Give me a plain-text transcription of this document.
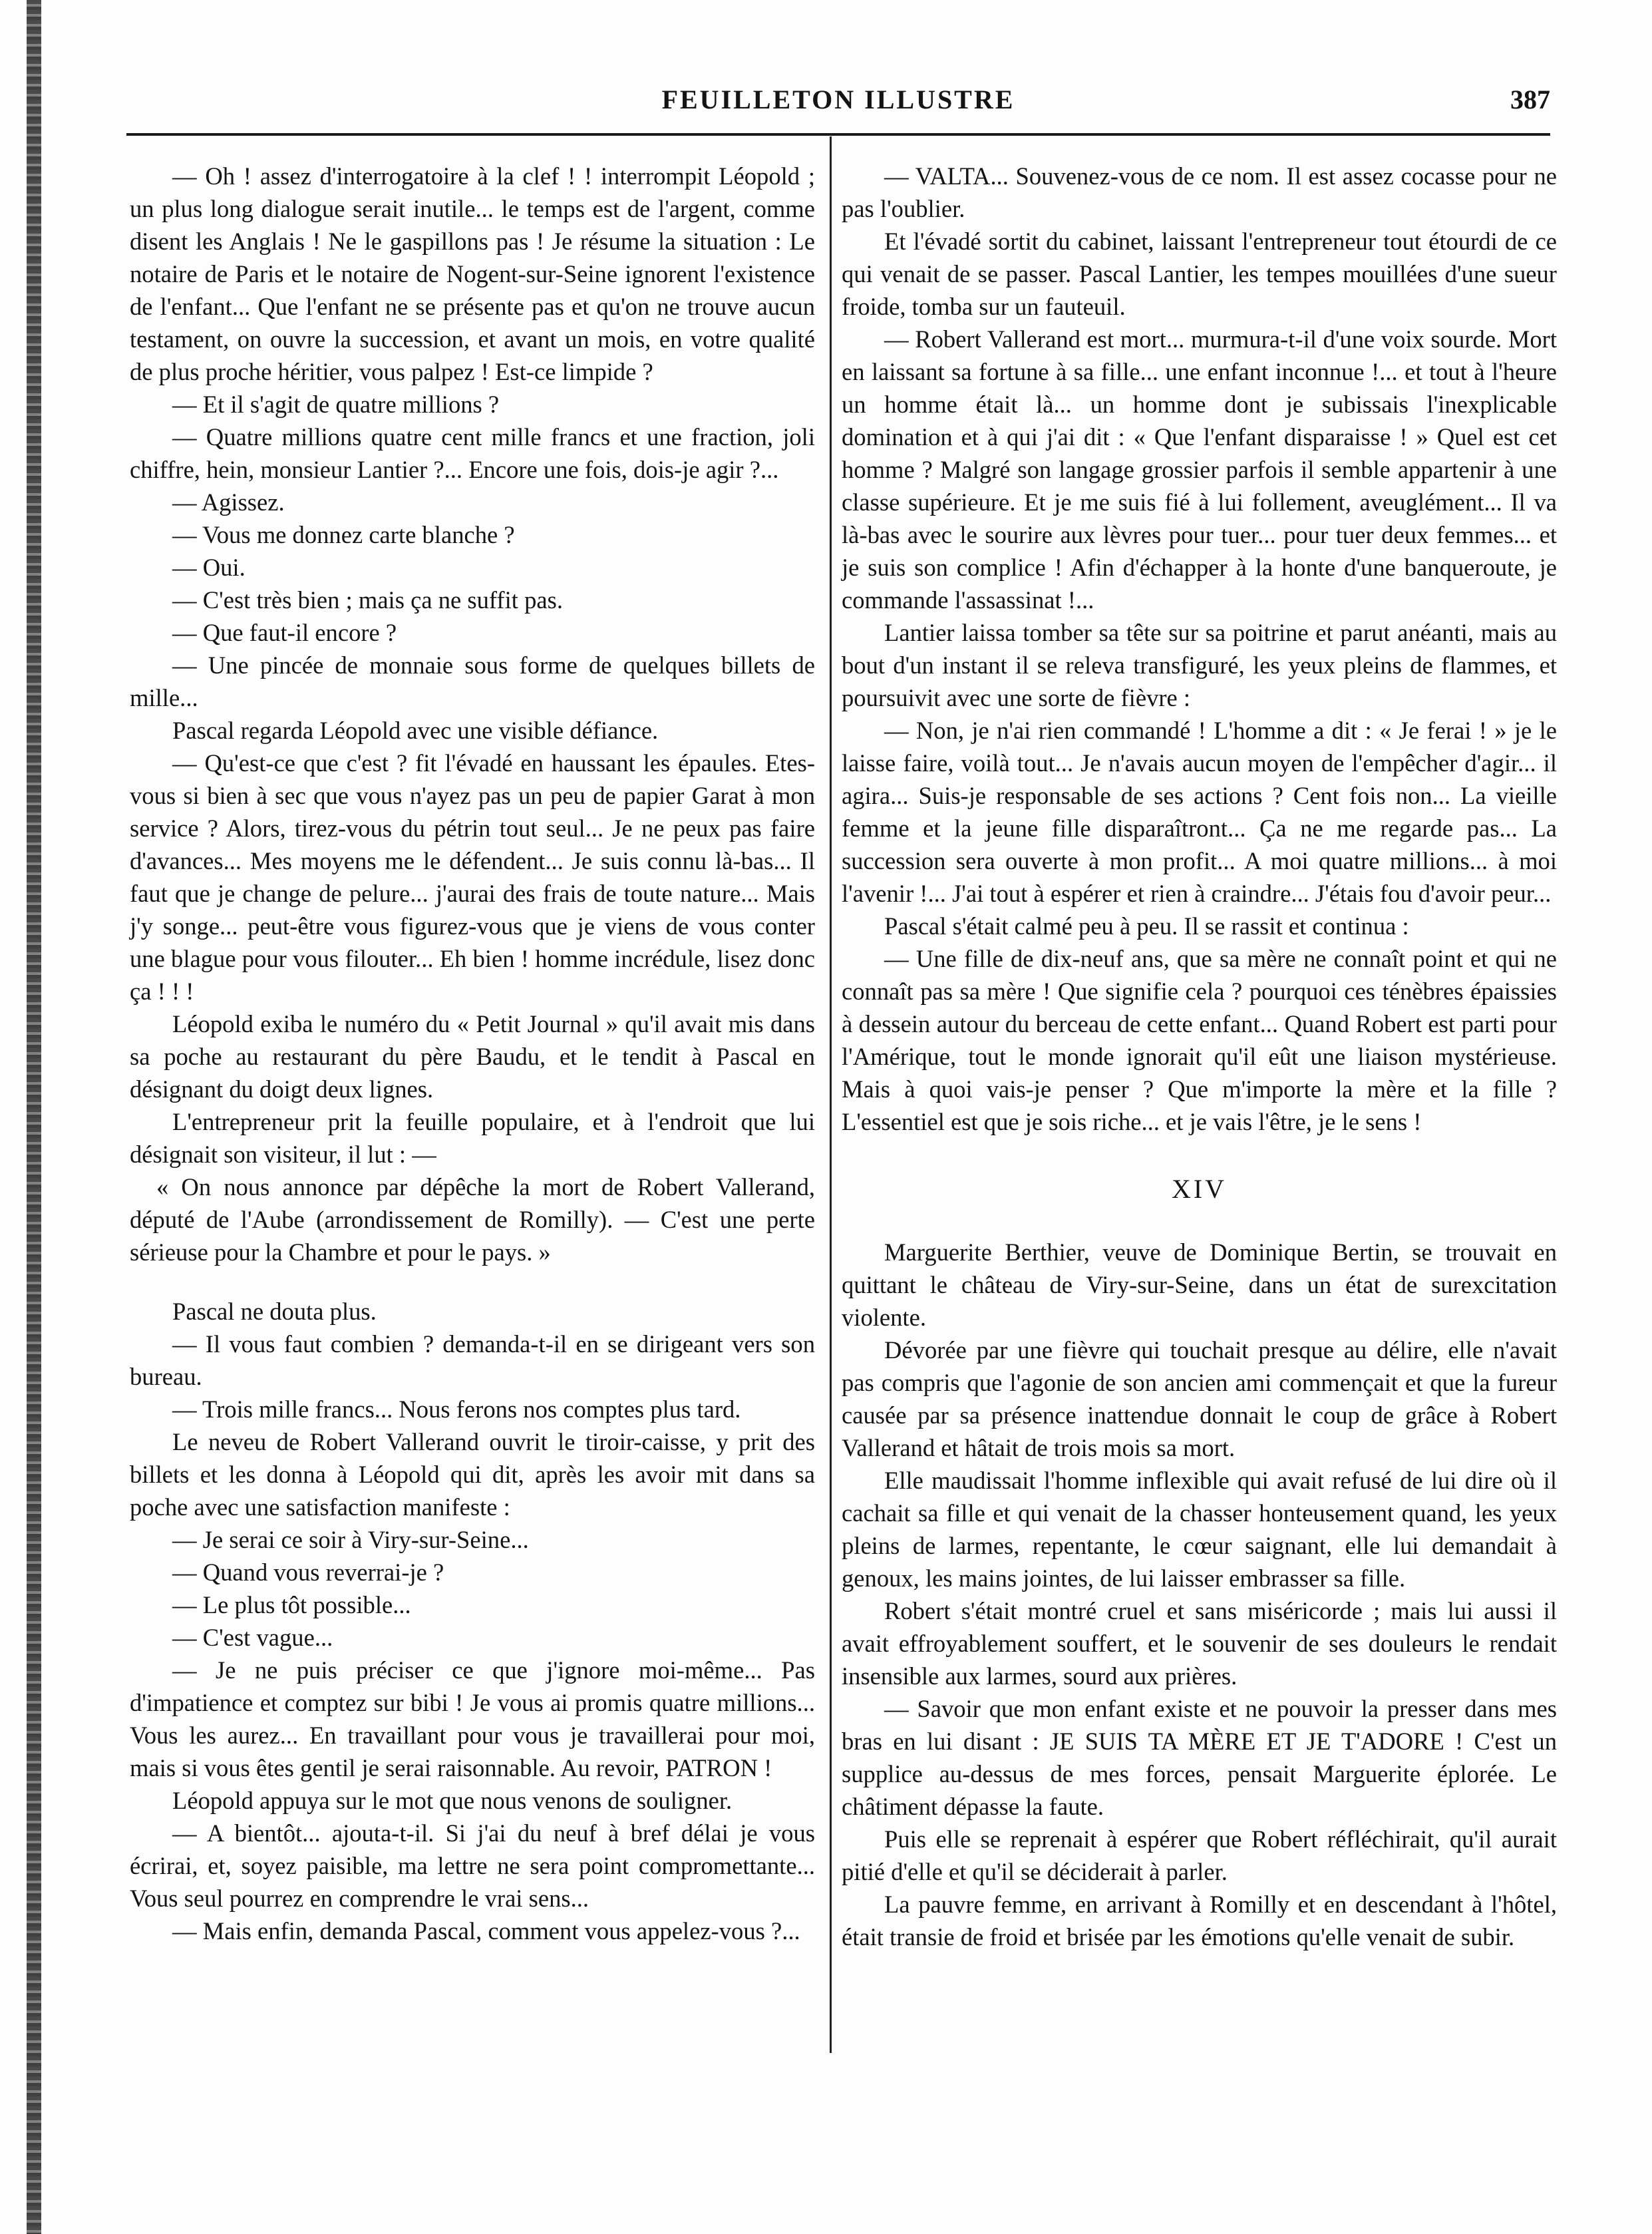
FEUILLETON ILLUSTRE	387

— Oh ! assez d'interrogatoire à la clef ! ! interrompit Léopold ; un plus long dialogue serait inutile... le temps est de l'argent, comme disent les Anglais ! Ne le gaspillons pas ! Je résume la situation : Le notaire de Paris et le notaire de Nogent-sur-Seine ignorent l'existence de l'enfant... Que l'enfant ne se présente pas et qu'on ne trouve aucun testament, on ouvre la succession, et avant un mois, en votre qualité de plus proche héritier, vous palpez ! Est-ce limpide ?

— Et il s'agit de quatre millions ?

— Quatre millions quatre cent mille francs et une fraction, joli chiffre, hein, monsieur Lantier ?... Encore une fois, dois-je agir ?...

— Agissez.

— Vous me donnez carte blanche ?

— Oui.

— C'est très bien ; mais ça ne suffit pas.

— Que faut-il encore ?

— Une pincée de monnaie sous forme de quelques billets de mille...

Pascal regarda Léopold avec une visible défiance.

— Qu'est-ce que c'est ? fit l'évadé en haussant les épaules. Etes-vous si bien à sec que vous n'ayez pas un peu de papier Garat à mon service ? Alors, tirez-vous du pétrin tout seul... Je ne peux pas faire d'avances... Mes moyens me le défendent... Je suis connu là-bas... Il faut que je change de pelure... j'aurai des frais de toute nature... Mais j'y songe... peut-être vous figurez-vous que je viens de vous conter une blague pour vous filouter... Eh bien ! homme incrédule, lisez donc ça ! ! !

Léopold exiba le numéro du « Petit Journal » qu'il avait mis dans sa poche au restaurant du père Baudu, et le tendit à Pascal en désignant du doigt deux lignes.

L'entrepreneur prit la feuille populaire, et à l'endroit que lui désignait son visiteur, il lut : —

« On nous annonce par dépêche la mort de Robert Vallerand, député de l'Aube (arrondissement de Romilly). — C'est une perte sérieuse pour la Chambre et pour le pays. »

Pascal ne douta plus.

— Il vous faut combien ? demanda-t-il en se dirigeant vers son bureau.

— Trois mille francs... Nous ferons nos comptes plus tard.

Le neveu de Robert Vallerand ouvrit le tiroir-caisse, y prit des billets et les donna à Léopold qui dit, après les avoir mit dans sa poche avec une satisfaction manifeste :

— Je serai ce soir à Viry-sur-Seine...

— Quand vous reverrai-je ?

— Le plus tôt possible...

— C'est vague...

— Je ne puis préciser ce que j'ignore moi-même... Pas d'impatience et comptez sur bibi ! Je vous ai promis quatre millions... Vous les aurez... En travaillant pour vous je travaillerai pour moi, mais si vous êtes gentil je serai raisonnable. Au revoir, PATRON !

Léopold appuya sur le mot que nous venons de souligner.

— A bientôt... ajouta-t-il. Si j'ai du neuf à bref délai je vous écrirai, et, soyez paisible, ma lettre ne sera point compromettante... Vous seul pourrez en comprendre le vrai sens...

— Mais enfin, demanda Pascal, comment vous appelez-vous ?...

— VALTA... Souvenez-vous de ce nom. Il est assez cocasse pour ne pas l'oublier.

Et l'évadé sortit du cabinet, laissant l'entrepreneur tout étourdi de ce qui venait de se passer. Pascal Lantier, les tempes mouillées d'une sueur froide, tomba sur un fauteuil.

— Robert Vallerand est mort... murmura-t-il d'une voix sourde. Mort en laissant sa fortune à sa fille... une enfant inconnue !... et tout à l'heure un homme était là... un homme dont je subissais l'inexplicable domination et à qui j'ai dit : « Que l'enfant disparaisse ! » Quel est cet homme ? Malgré son langage grossier parfois il semble appartenir à une classe supérieure. Et je me suis fié à lui follement, aveuglément... Il va là-bas avec le sourire aux lèvres pour tuer... pour tuer deux femmes... et je suis son complice ! Afin d'échapper à la honte d'une banqueroute, je commande l'assassinat !...

Lantier laissa tomber sa tête sur sa poitrine et parut anéanti, mais au bout d'un instant il se releva transfiguré, les yeux pleins de flammes, et poursuivit avec une sorte de fièvre :

— Non, je n'ai rien commandé ! L'homme a dit : « Je ferai ! » je le laisse faire, voilà tout... Je n'avais aucun moyen de l'empêcher d'agir... il agira... Suis-je responsable de ses actions ? Cent fois non... La vieille femme et la jeune fille disparaîtront... Ça ne me regarde pas... La succession sera ouverte à mon profit... A moi quatre millions... à moi l'avenir !... J'ai tout à espérer et rien à craindre... J'étais fou d'avoir peur...

Pascal s'était calmé peu à peu. Il se rassit et continua :

— Une fille de dix-neuf ans, que sa mère ne connaît point et qui ne connaît pas sa mère ! Que signifie cela ? pourquoi ces ténèbres épaissies à dessein autour du berceau de cette enfant... Quand Robert est parti pour l'Amérique, tout le monde ignorait qu'il eût une liaison mystérieuse. Mais à quoi vais-je penser ? Que m'importe la mère et la fille ? L'essentiel est que je sois riche... et je vais l'être, je le sens !

XIV

Marguerite Berthier, veuve de Dominique Bertin, se trouvait en quittant le château de Viry-sur-Seine, dans un état de surexcitation violente.

Dévorée par une fièvre qui touchait presque au délire, elle n'avait pas compris que l'agonie de son ancien ami commençait et que la fureur causée par sa présence inattendue donnait le coup de grâce à Robert Vallerand et hâtait de trois mois sa mort.

Elle maudissait l'homme inflexible qui avait refusé de lui dire où il cachait sa fille et qui venait de la chasser honteusement quand, les yeux pleins de larmes, repentante, le cœur saignant, elle lui demandait à genoux, les mains jointes, de lui laisser embrasser sa fille.

Robert s'était montré cruel et sans miséricorde ; mais lui aussi il avait effroyablement souffert, et le souvenir de ses douleurs le rendait insensible aux larmes, sourd aux prières.

— Savoir que mon enfant existe et ne pouvoir la presser dans mes bras en lui disant : JE SUIS TA MÈRE ET JE T'ADORE ! C'est un supplice au-dessus de mes forces, pensait Marguerite éplorée. Le châtiment dépasse la faute.

Puis elle se reprenait à espérer que Robert réfléchirait, qu'il aurait pitié d'elle et qu'il se déciderait à parler.

La pauvre femme, en arrivant à Romilly et en descendant à l'hôtel, était transie de froid et brisée par les émotions qu'elle venait de subir.
